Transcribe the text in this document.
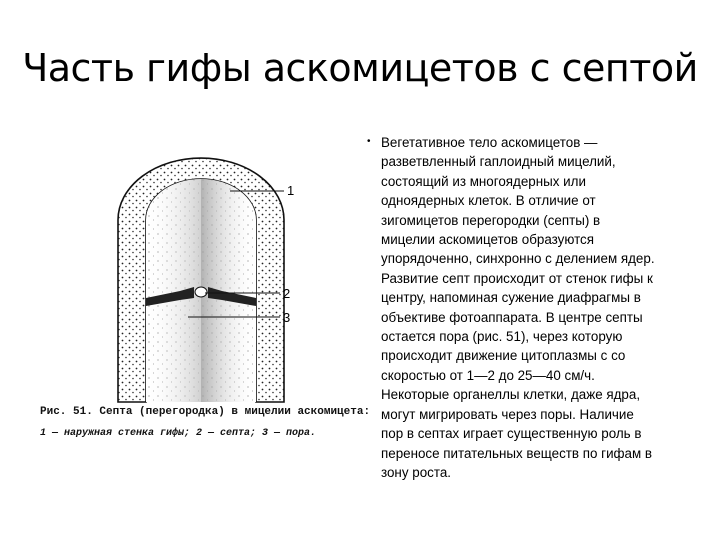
Часть гифы аскомицетов с септой
1
2
3
Рис. 51. Септа (перегородка) в мицелии аскомицета:
1 — наружная стенка гифы; 2 — септа; 3 — пора.
• Вегетативное тело аскомицетов —
разветвленный гаплоидный мицелий,
состоящий из многоядерных или
одноядерных клеток. В отличие от
зигомицетов перегородки (септы) в
мицелии аскомицетов образуются
упорядоченно, синхронно с делением ядер.
Развитие септ происходит от стенок гифы к
центру, напоминая сужение диафрагмы в
объективе фотоаппарата. В центре септы
остается пора (рис. 51), через которую
происходит движение цитоплазмы с со
скоростью от 1—2 до 25—40 см/ч.
Некоторые органеллы клетки, даже ядра,
могут мигрировать через поры. Наличие
пор в септах играет существенную роль в
переносе питательных веществ по гифам в
зону роста.
